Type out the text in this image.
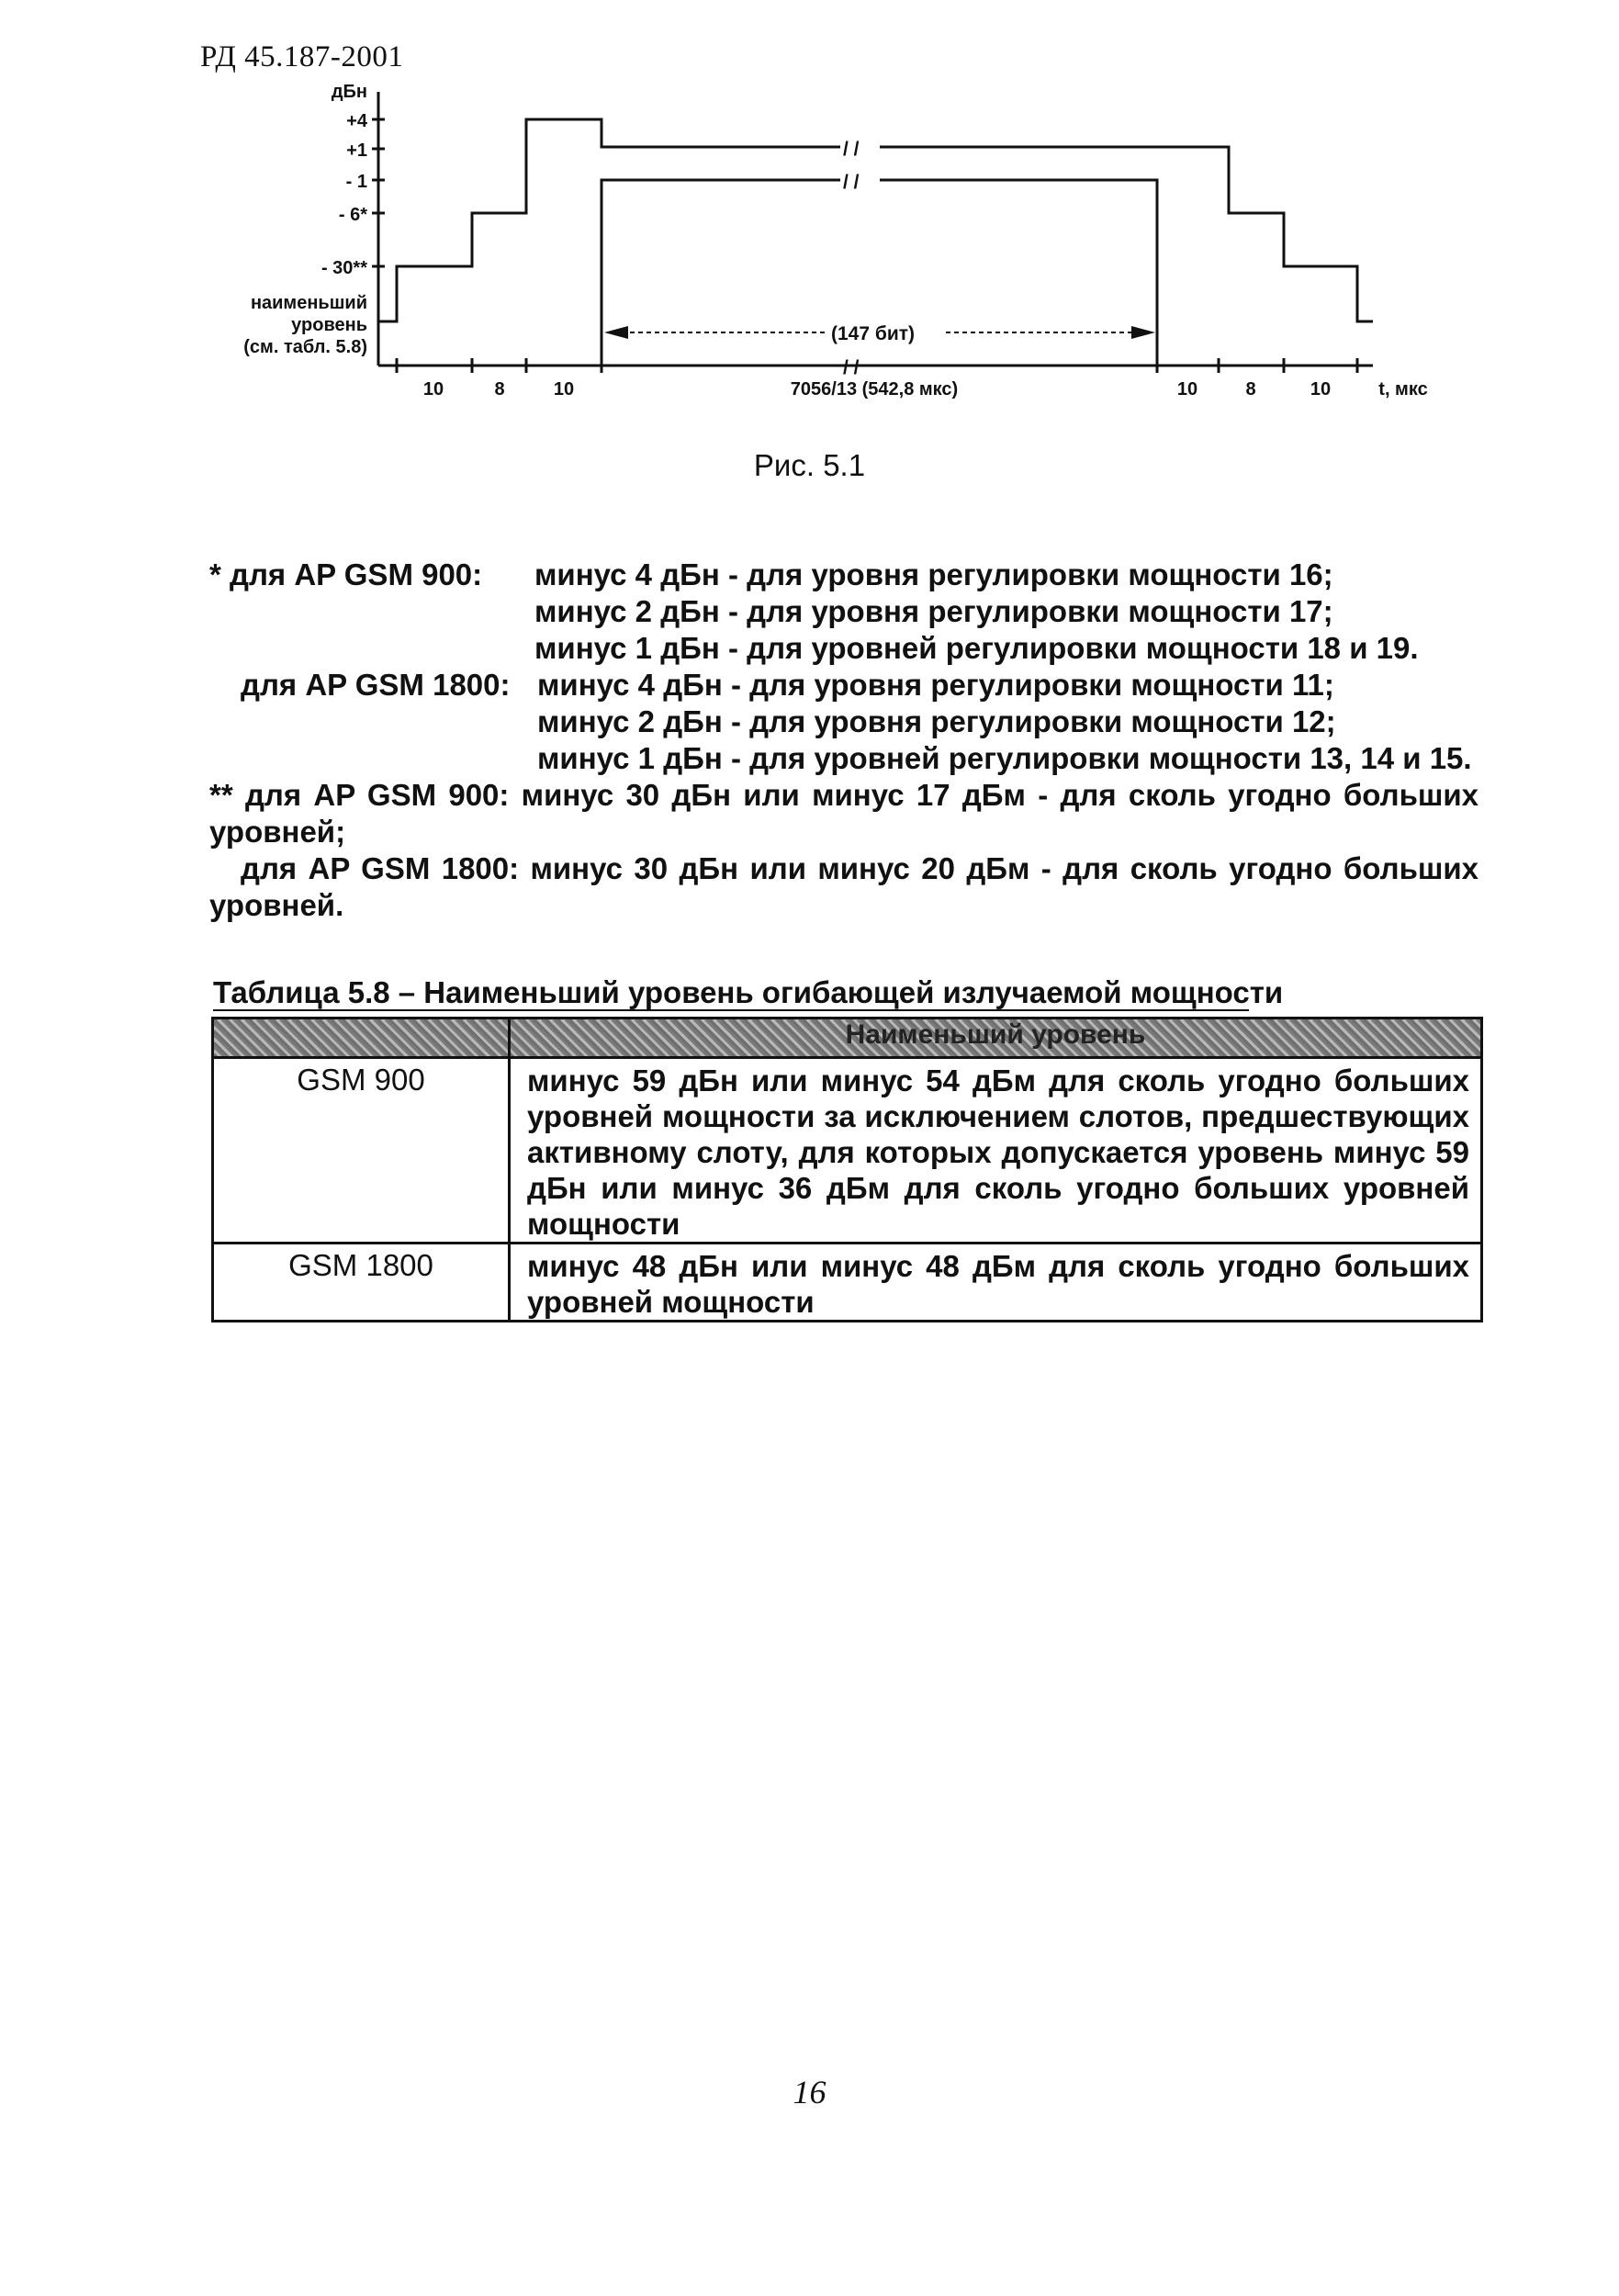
РД 45.187-2001
/ /
/ /
/ /
(147 бит)
дБн
+4
+1
- 1
- 6*
- 30**
наименьший
уровень
(см. табл. 5.8)
10	8	10	7056/13 (542,8 мкс)	10	8	10	t, мкс
Рис. 5.1
* для AP GSM 900: минус 4 дБн - для уровня регулировки мощности 16;
минус 2 дБн - для уровня регулировки мощности 17;
минус 1 дБн - для уровней регулировки мощности 18 и 19.
для AP GSM 1800: минус 4 дБн - для уровня регулировки мощности 11;
минус 2 дБн - для уровня регулировки мощности 12;
минус 1 дБн - для уровней регулировки мощности 13, 14 и 15.
** для AP GSM 900: минус 30 дБн или минус 17 дБм - для сколь угодно больших
уровней;
для AP GSM 1800: минус 30 дБн или минус 20 дБм - для сколь угодно больших
уровней.
Таблица 5.8 – Наименьший уровень огибающей излучаемой мощности
	Наименьший уровень
GSM 900	минус 59 дБн или минус 54 дБм для сколь угодно больших уровней мощности за исключением слотов, предшествующих активному слоту, для которых допускается уровень минус 59 дБн или минус 36 дБм для сколь угодно больших уровней мощности

GSM 1800	минус 48 дБн или минус 48 дБм для сколь угодно больших уровней мощности
16
